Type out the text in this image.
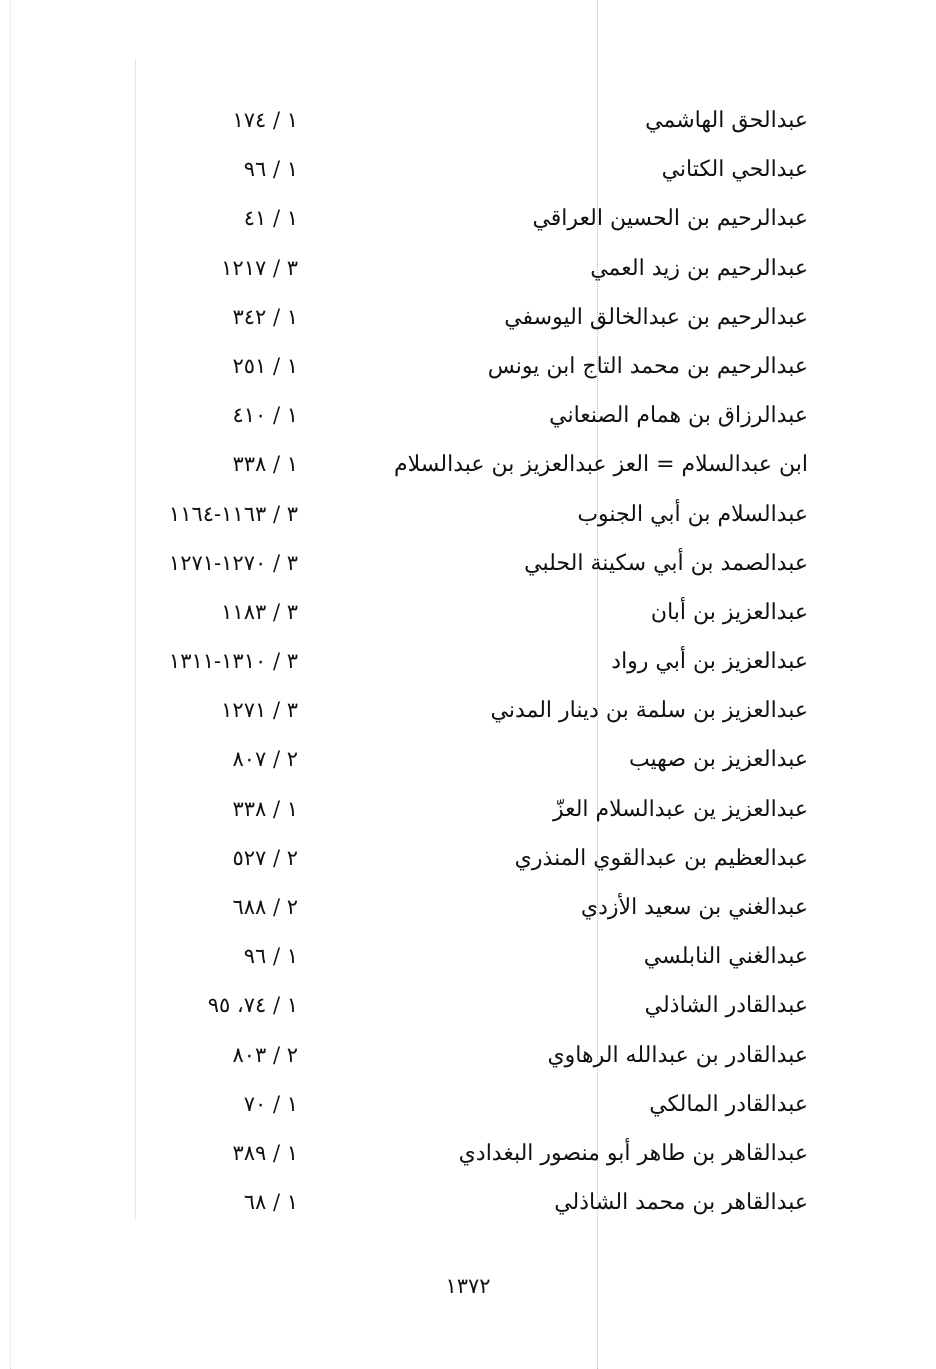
عبدالحق الهاشمي
١ / ١٧٤
عبدالحي الكتاني
١ / ٩٦
عبدالرحيم بن الحسين العراقي
١ / ٤١
عبدالرحيم بن زيد العمي
٣ / ١٢١٧
عبدالرحيم بن عبدالخالق اليوسفي
١ / ٣٤٢
عبدالرحيم بن محمد التاج ابن يونس
١ / ٢٥١
عبدالرزاق بن همام الصنعاني
١ / ٤١٠
ابن عبدالسلام = العز عبدالعزيز بن عبدالسلام
١ / ٣٣٨
عبدالسلام بن أبي الجنوب
٣ / ١١٦٣-١١٦٤
عبدالصمد بن أبي سكينة الحلبي
٣ / ١٢٧٠-١٢٧١
عبدالعزيز بن أبان
٣ / ١١٨٣
عبدالعزيز بن أبي رواد
٣ / ١٣١٠-١٣١١
عبدالعزيز بن سلمة بن دينار المدني
٣ / ١٢٧١
عبدالعزيز بن صهيب
٢ / ٨٠٧
عبدالعزيز ين عبدالسلام العزّ
١ / ٣٣٨
عبدالعظيم بن عبدالقوي المنذري
٢ / ٥٢٧
عبدالغني بن سعيد الأزدي
٢ / ٦٨٨
عبدالغني النابلسي
١ / ٩٦
عبدالقادر الشاذلي
١ / ٧٤، ٩٥
عبدالقادر بن عبدالله الرهاوي
٢ / ٨٠٣
عبدالقادر المالكي
١ / ٧٠
عبدالقاهر بن طاهر أبو منصور البغدادي
١ / ٣٨٩
عبدالقاهر بن محمد الشاذلي
١ / ٦٨
١٣٧٢
